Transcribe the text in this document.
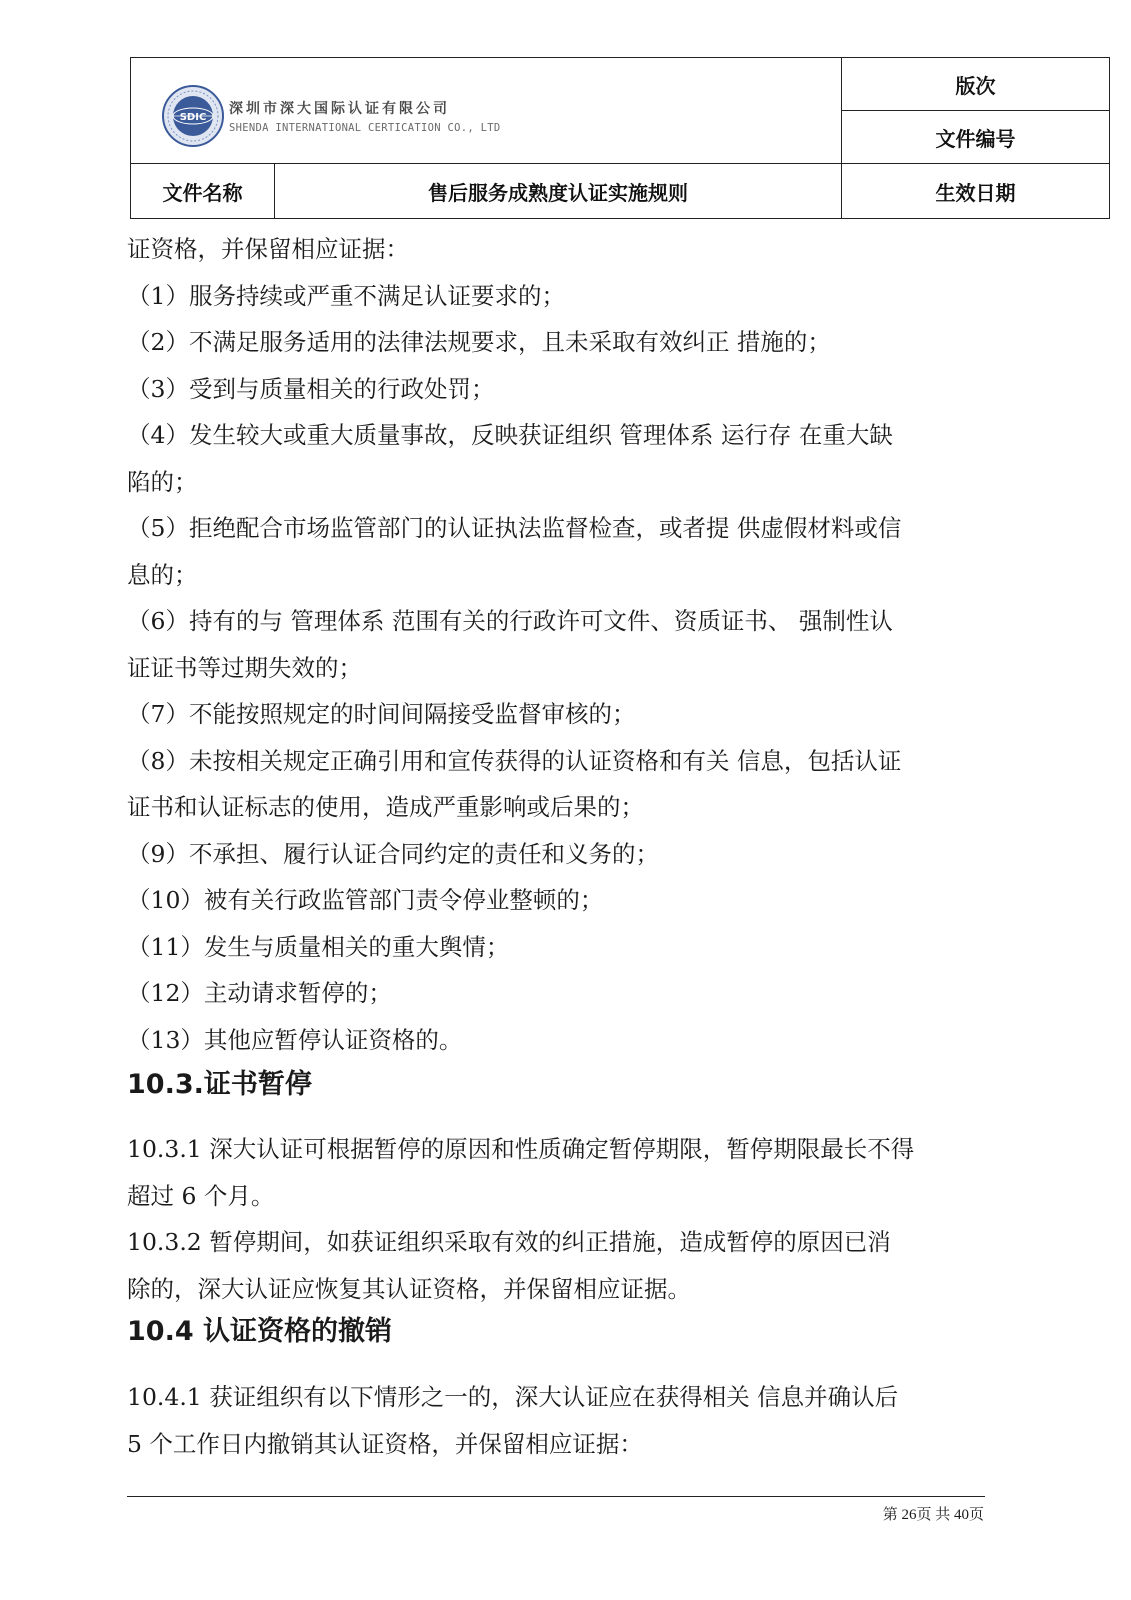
SDIC
深圳市深大国际认证有限公司
SHENDA INTERNATIONAL CERTICATION CO., LTD		版次
		文件编号
文件名称	售后服务成熟度认证实施规则	生效日期

证资格，并保留相应证据：

（1）服务持续或严重不满足认证要求的；

（2）不满足服务适用的法律法规要求，且未采取有效纠正 措施的；

（3）受到与质量相关的行政处罚；

（4）发生较大或重大质量事故，反映获证组织 管理体系 运行存 在重大缺

陷的；

（5）拒绝配合市场监管部门的认证执法监督检查，或者提 供虚假材料或信

息的；

（6）持有的与 管理体系 范围有关的行政许可文件、资质证书、 强制性认

证证书等过期失效的；

（7）不能按照规定的时间间隔接受监督审核的；

（8）未按相关规定正确引用和宣传获得的认证资格和有关 信息，包括认证

证书和认证标志的使用，造成严重影响或后果的；

（9）不承担、履行认证合同约定的责任和义务的；

（10）被有关行政监管部门责令停业整顿的；

（11）发生与质量相关的重大舆情；

（12）主动请求暂停的；

（13）其他应暂停认证资格的。

10.3.证书暂停

10.3.1 深大认证可根据暂停的原因和性质确定暂停期限，暂停期限最长不得

超过 6 个月。

10.3.2 暂停期间，如获证组织采取有效的纠正措施，造成暂停的原因已消

除的，深大认证应恢复其认证资格，并保留相应证据。

10.4 认证资格的撤销

10.4.1 获证组织有以下情形之一的，深大认证应在获得相关 信息并确认后

5 个工作日内撤销其认证资格，并保留相应证据：

第 26页 共 40页
